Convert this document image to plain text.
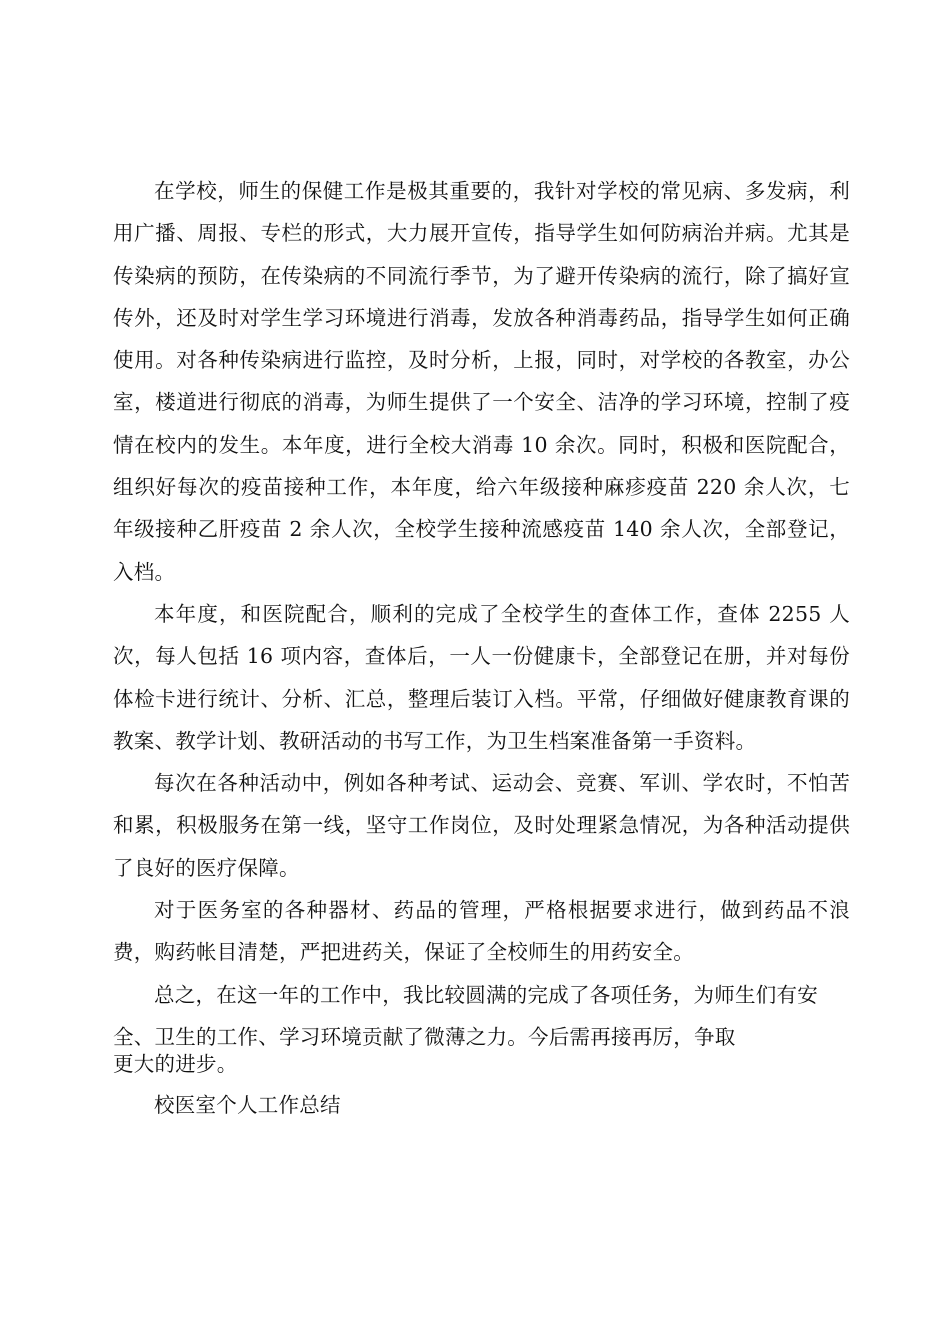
在学校，师生的保健工作是极其重要的，我针对学校的常见病、多发病，利用广播、周报、专栏的形式，大力展开宣传，指导学生如何防病治并病。尤其是传染病的预防，在传染病的不同流行季节，为了避开传染病的流行，除了搞好宣传外，还及时对学生学习环境进行消毒，发放各种消毒药品，指导学生如何正确使用。对各种传染病进行监控，及时分析，上报，同时，对学校的各教室，办公室，楼道进行彻底的消毒，为师生提供了一个安全、洁净的学习环境，控制了疫情在校内的发生。本年度，进行全校大消毒 10 余次。同时，积极和医院配合，组织好每次的疫苗接种工作，本年度，给六年级接种麻疹疫苗 220 余人次，七年级接种乙肝疫苗 2 余人次，全校学生接种流感疫苗 140 余人次，全部登记，入档。

本年度，和医院配合，顺利的完成了全校学生的查体工作，查体 2255 人次，每人包括 16 项内容，查体后，一人一份健康卡，全部登记在册，并对每份体检卡进行统计、分析、汇总，整理后装订入档。平常，仔细做好健康教育课的教案、教学计划、教研活动的书写工作，为卫生档案准备第一手资料。

每次在各种活动中，例如各种考试、运动会、竞赛、军训、学农时，不怕苦和累，积极服务在第一线，坚守工作岗位，及时处理紧急情况，为各种活动提供了良好的医疗保障。

对于医务室的各种器材、药品的管理，严格根据要求进行，做到药品不浪费，购药帐目清楚，严把进药关，保证了全校师生的用药安全。

总之，在这一年的工作中，我比较圆满的完成了各项任务，为师生们有安
全、卫生的工作、学习环境贡献了微薄之力。今后需再接再厉，争取
更大的进步。

校医室个人工作总结
